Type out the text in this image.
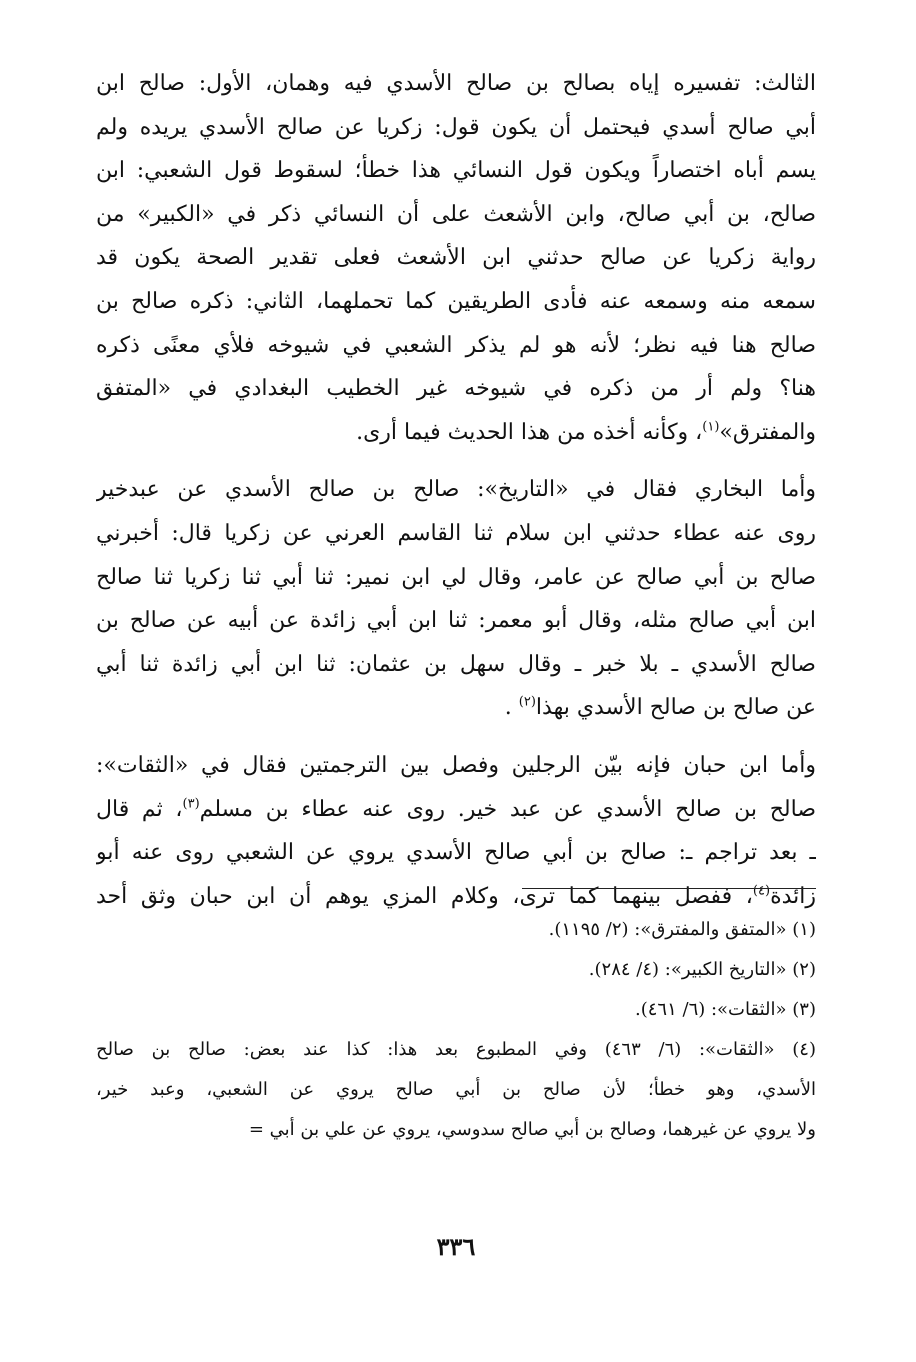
الثالث: تفسيره إياه بصالح بن صالح الأسدي فيه وهمان، الأول: صالح ابن
أبي صالح أسدي فيحتمل أن يكون قول: زكريا عن صالح الأسدي يريده ولم
يسم أباه اختصاراً ويكون قول النسائي هذا خطأ؛ لسقوط قول الشعبي: ابن
صالح، بن أبي صالح، وابن الأشعث على أن النسائي ذكر في «الكبير» من
رواية زكريا عن صالح حدثني ابن الأشعث فعلى تقدير الصحة يكون قد
سمعه منه وسمعه عنه فأدى الطريقين كما تحملهما، الثاني: ذكره صالح بن
صالح هنا فيه نظر؛ لأنه هو لم يذكر الشعبي في شيوخه فلأي معنًى ذكره
هنا؟ ولم أر من ذكره في شيوخه غير الخطيب البغدادي في «المتفق
والمفترق»$^{(١)}$، وكأنه أخذه من هذا الحديث فيما أرى.
وأما البخاري فقال في «التاريخ»: صالح بن صالح الأسدي عن عبدخير
روى عنه عطاء حدثني ابن سلام ثنا القاسم العرني عن زكريا قال: أخبرني
صالح بن أبي صالح عن عامر، وقال لي ابن نمير: ثنا أبي ثنا زكريا ثنا صالح
ابن أبي صالح مثله، وقال أبو معمر: ثنا ابن أبي زائدة عن أبيه عن صالح بن
صالح الأسدي ـ بلا خبر ـ وقال سهل بن عثمان: ثنا ابن أبي زائدة ثنا أبي
عن صالح بن صالح الأسدي بهذا$^{(٢)}$ .
وأما ابن حبان فإنه بيّن الرجلين وفصل بين الترجمتين فقال في «الثقات»:
صالح بن صالح الأسدي عن عبد خير. روى عنه عطاء بن مسلم$^{(٣)}$، ثم قال
ـ بعد تراجم ـ: صالح بن أبي صالح الأسدي يروي عن الشعبي روى عنه أبو
زائدة$^{(٤)}$، ففصل بينهما كما ترى، وكلام المزي يوهم أن ابن حبان وثق أحد
(١) «المتفق والمفترق»: (٢/ ١١٩٥).
(٢) «التاريخ الكبير»: (٤/ ٢٨٤).
(٣) «الثقات»: (٦/ ٤٦١).
(٤) «الثقات»: (٦/ ٤٦٣) وفي المطبوع بعد هذا: كذا عند بعض: صالح بن صالح
الأسدي، وهو خطأ؛ لأن صالح بن أبي صالح يروي عن الشعبي، وعبد خير،
ولا يروي عن غيرهما، وصالح بن أبي صالح سدوسي، يروي عن علي بن أبي =
٣٣٦
